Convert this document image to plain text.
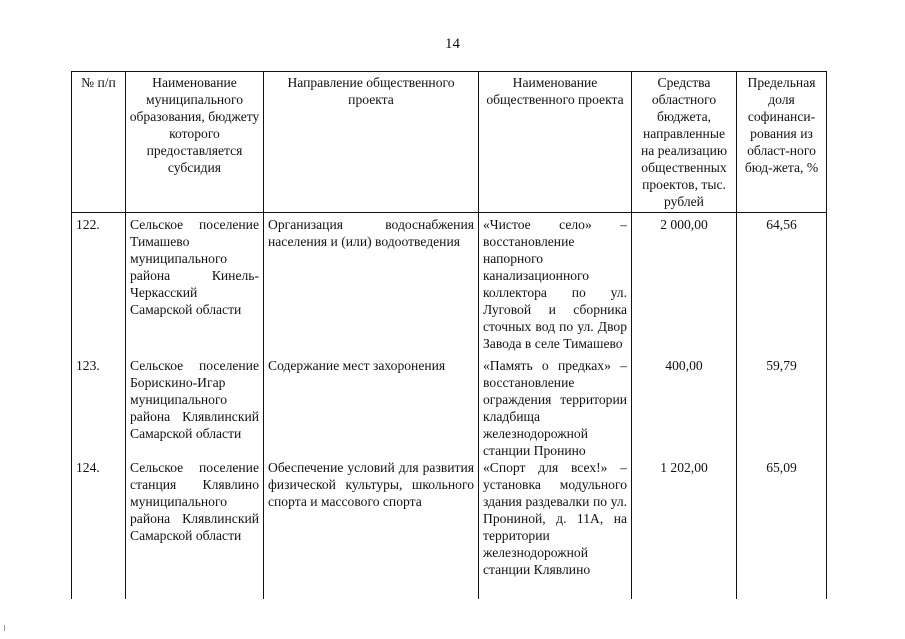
14
№ п/п	Наименование муниципального образования, бюджету которого предоставляется субсидия	Направление общественного проекта	Наименование общественного проекта	Средства областного бюджета, направленные на реализацию общественных проектов, тыс. рублей	Предельная доля софинанси-рования из област-ного бюд-жета, %
122.	Сельское поселение Тимашево муниципального района Кинель-Черкасский Самарской области	Организация водоснабжения населения и (или) водоотведения	«Чистое село» – восстановление напорного канализационного коллектора по ул. Луговой и сборника сточных вод по ул. Двор Завода в селе Тимашево	2 000,00	64,56
123.	Сельское поселение Борискино-Игар муниципального района Клявлинский Самарской области	Содержание мест захоронения	«Память о предках» – восстановление ограждения территории кладбища железнодорожной станции Пронино	400,00	59,79
124.	Сельское поселение станция Клявлино муниципального района Клявлинский Самарской области	Обеспечение условий для развития физической культуры, школьного спорта и массового спорта	«Спорт для всех!» – установка модульного здания раздевалки по ул. Прониной, д. 11А, на территории железнодорожной станции Клявлино	1 202,00	65,09
